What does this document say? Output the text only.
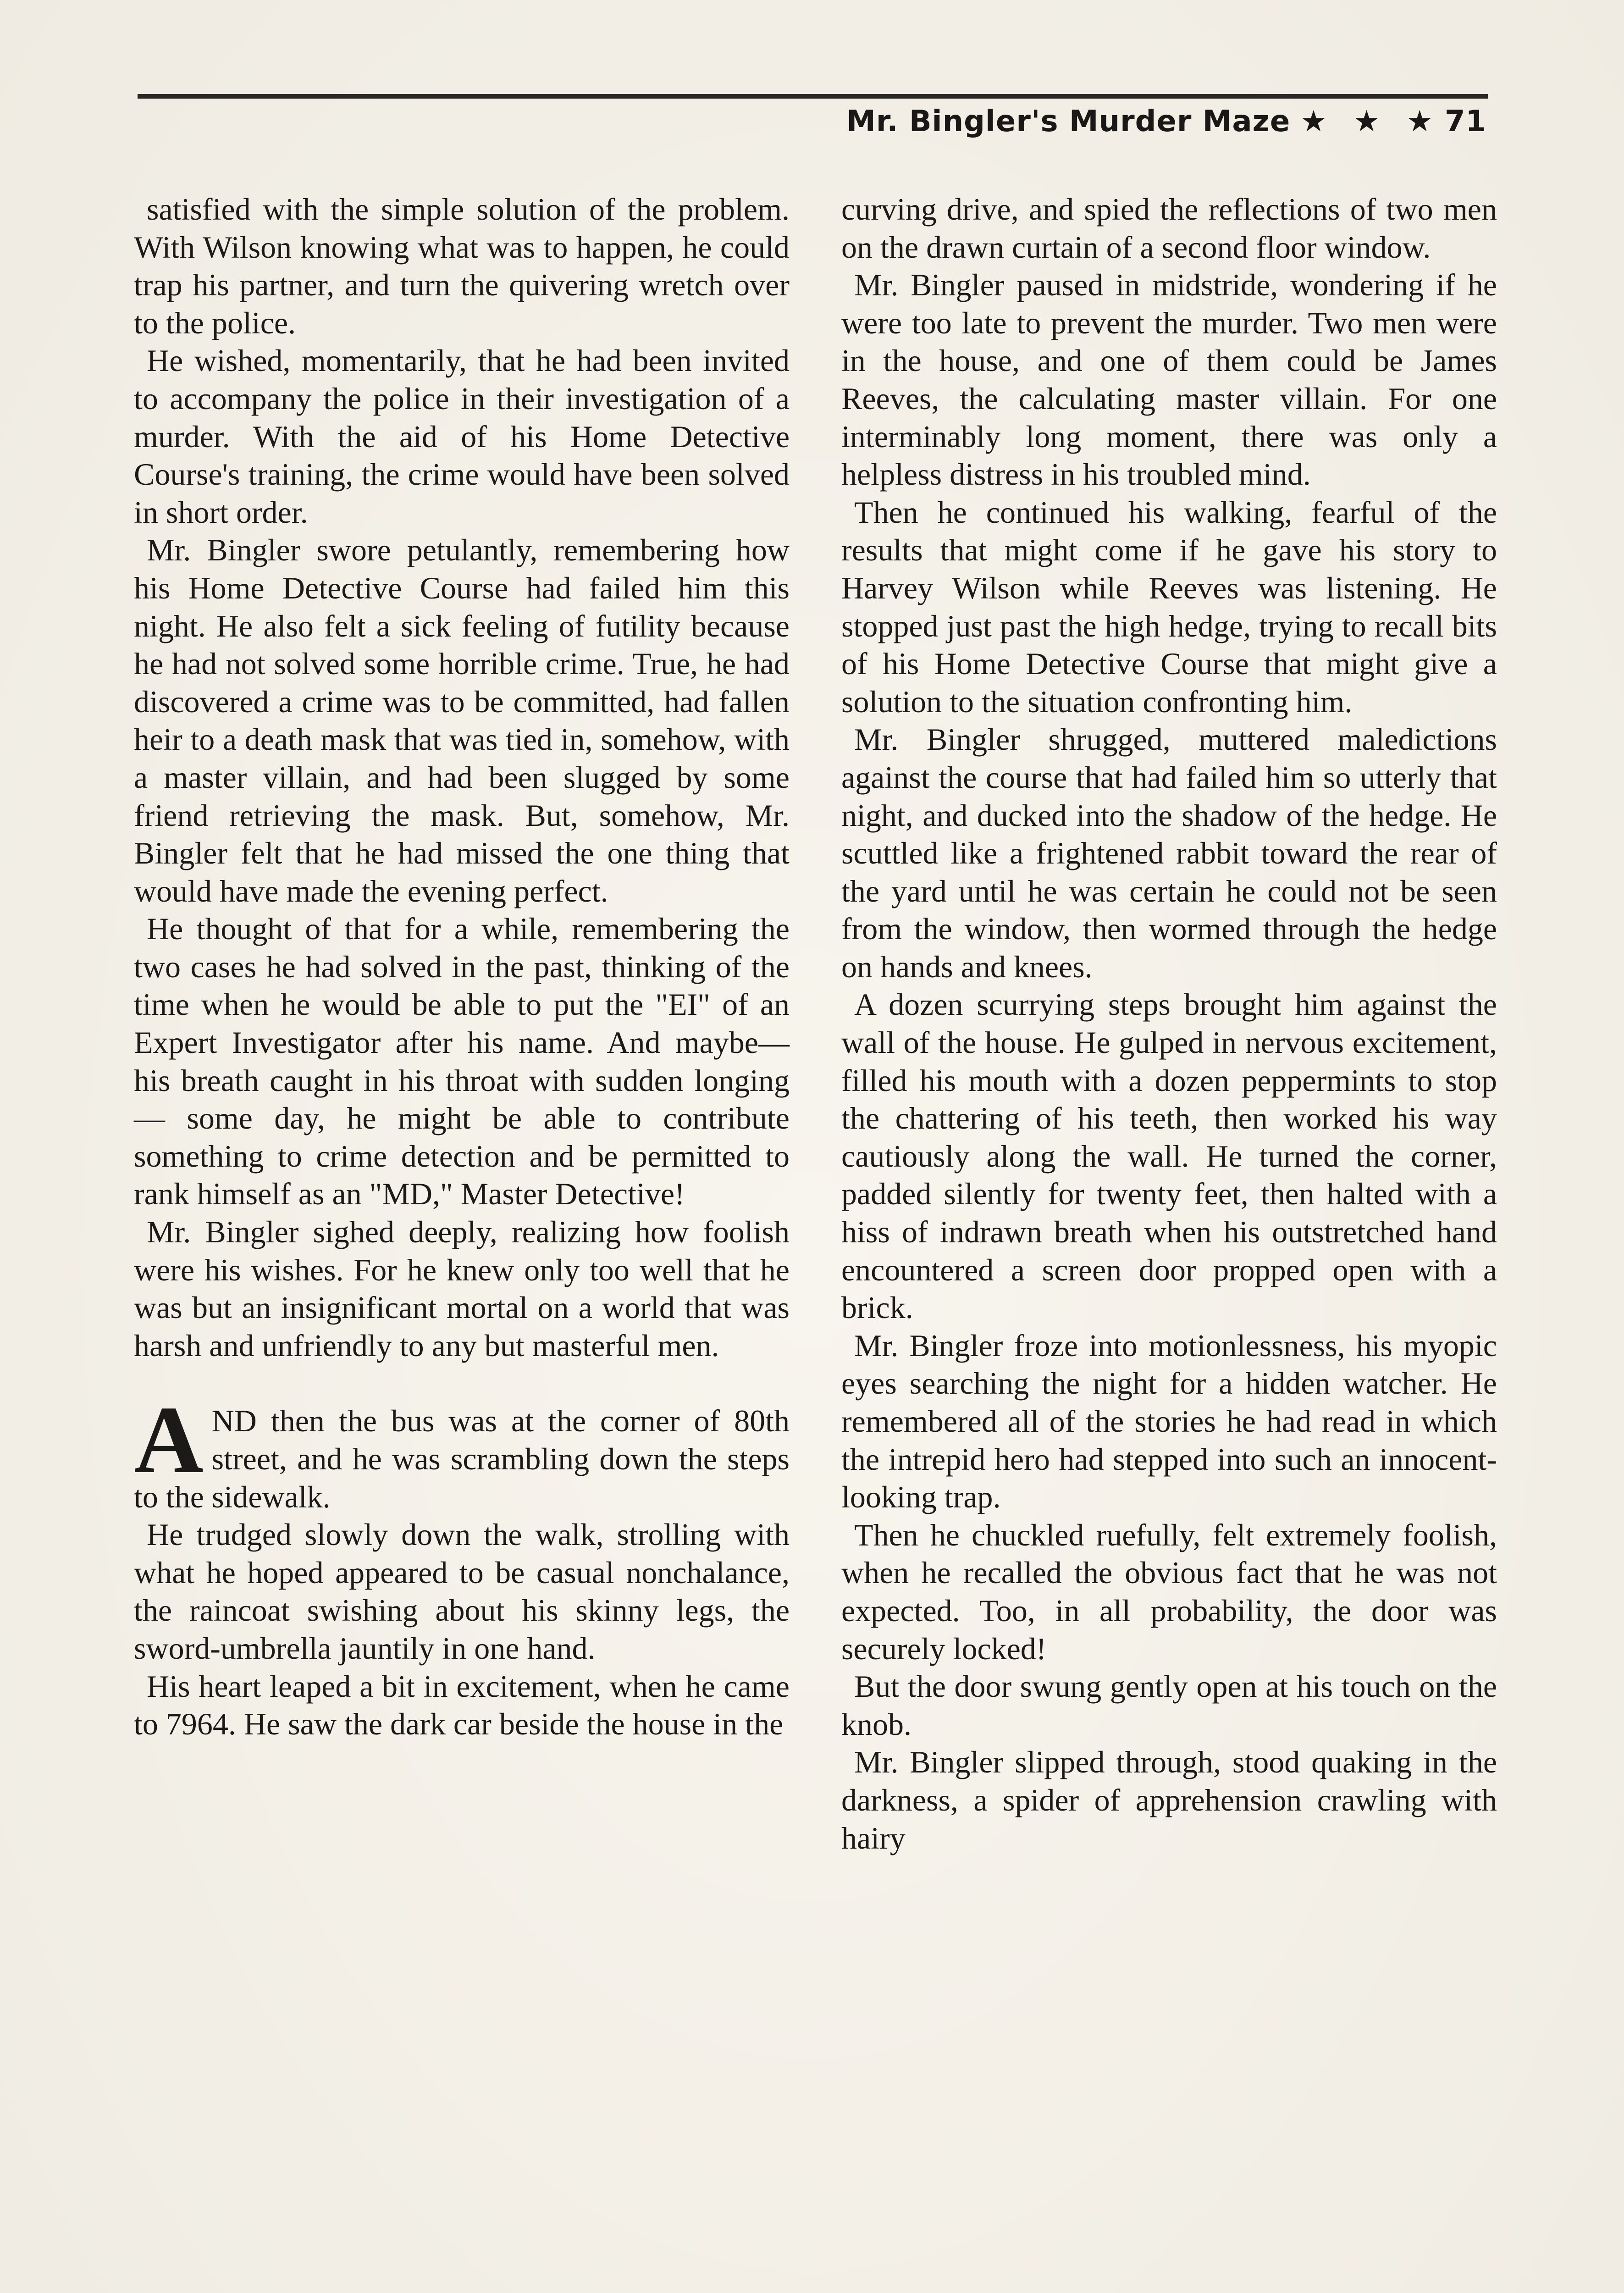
Mr. Bingler's Murder Maze ★ ★ ★ 71

satisfied with the simple solution of the problem. With Wilson knowing what was to happen, he could trap his partner, and turn the quivering wretch over to the police.

He wished, momentarily, that he had been invited to accompany the police in their investigation of a murder. With the aid of his Home Detective Course's training, the crime would have been solved in short order.

Mr. Bingler swore petulantly, remembering how his Home Detective Course had failed him this night. He also felt a sick feeling of futility because he had not solved some horrible crime. True, he had discovered a crime was to be committed, had fallen heir to a death mask that was tied in, somehow, with a master villain, and had been slugged by some friend retrieving the mask. But, somehow, Mr. Bingler felt that he had missed the one thing that would have made the evening perfect.

He thought of that for a while, remembering the two cases he had solved in the past, thinking of the time when he would be able to put the "EI" of an Expert Investigator after his name. And maybe— his breath caught in his throat with sudden longing — some day, he might be able to contribute something to crime detection and be permitted to rank himself as an "MD," Master Detective!

Mr. Bingler sighed deeply, realizing how foolish were his wishes. For he knew only too well that he was but an insignificant mortal on a world that was harsh and unfriendly to any but masterful men.

AND then the bus was at the corner of 80th street, and he was scrambling down the steps to the sidewalk.

He trudged slowly down the walk, strolling with what he hoped appeared to be casual nonchalance, the raincoat swishing about his skinny legs, the sword-umbrella jauntily in one hand.

His heart leaped a bit in excitement, when he came to 7964. He saw the dark car beside the house in the

curving drive, and spied the reflections of two men on the drawn curtain of a second floor window.

Mr. Bingler paused in midstride, wondering if he were too late to prevent the murder. Two men were in the house, and one of them could be James Reeves, the calculating master villain. For one interminably long moment, there was only a helpless distress in his troubled mind.

Then he continued his walking, fearful of the results that might come if he gave his story to Harvey Wilson while Reeves was listening. He stopped just past the high hedge, trying to recall bits of his Home Detective Course that might give a solution to the situation confronting him.

Mr. Bingler shrugged, muttered maledictions against the course that had failed him so utterly that night, and ducked into the shadow of the hedge. He scuttled like a frightened rabbit toward the rear of the yard until he was certain he could not be seen from the window, then wormed through the hedge on hands and knees.

A dozen scurrying steps brought him against the wall of the house. He gulped in nervous excitement, filled his mouth with a dozen peppermints to stop the chattering of his teeth, then worked his way cautiously along the wall. He turned the corner, padded silently for twenty feet, then halted with a hiss of indrawn breath when his outstretched hand encountered a screen door propped open with a brick.

Mr. Bingler froze into motionlessness, his myopic eyes searching the night for a hidden watcher. He remembered all of the stories he had read in which the intrepid hero had stepped into such an innocent-looking trap.

Then he chuckled ruefully, felt extremely foolish, when he recalled the obvious fact that he was not expected. Too, in all probability, the door was securely locked!

But the door swung gently open at his touch on the knob.

Mr. Bingler slipped through, stood quaking in the darkness, a spider of apprehension crawling with hairy
